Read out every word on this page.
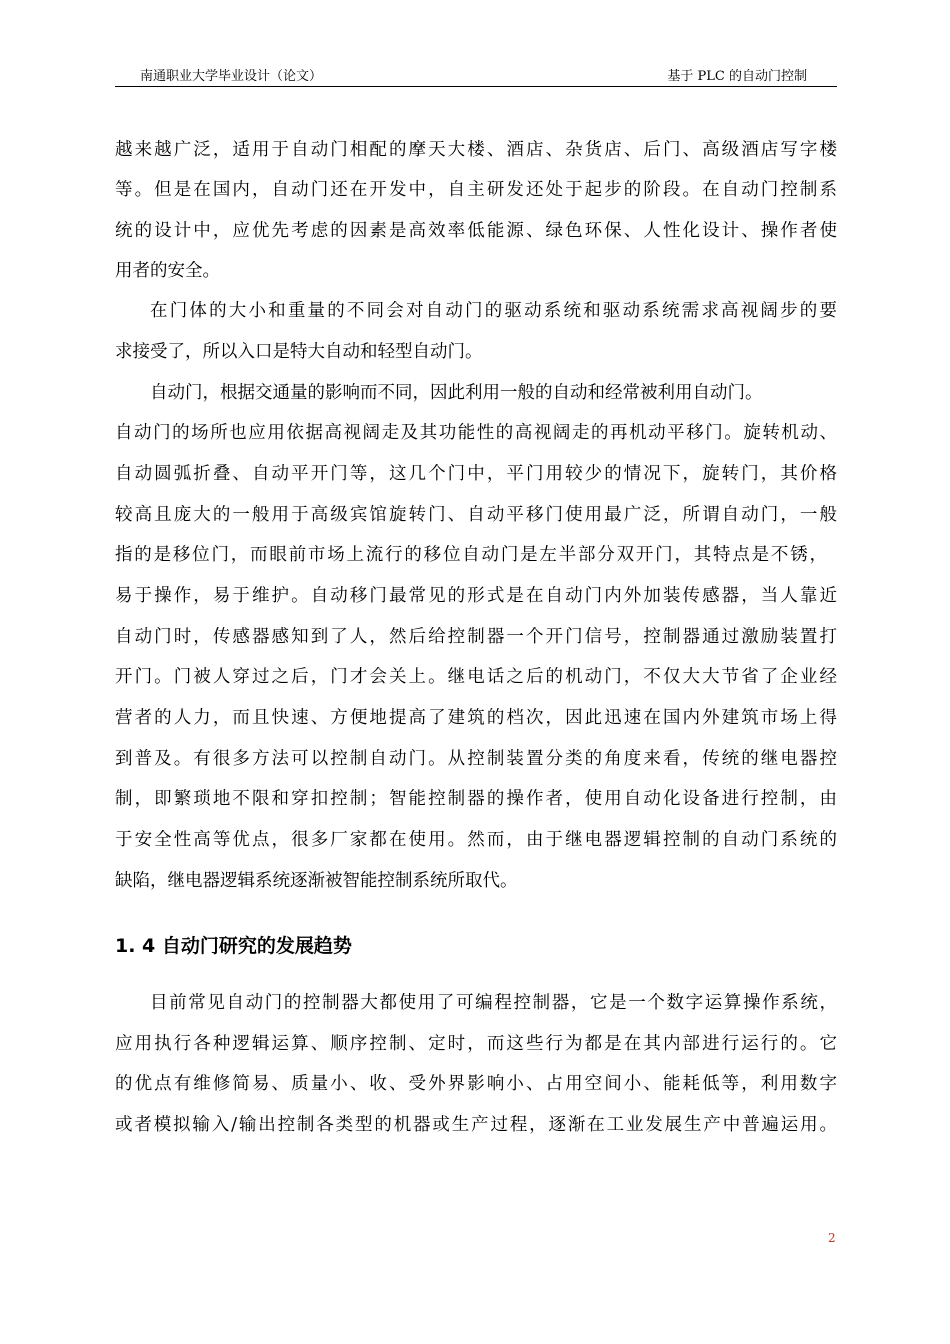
南通职业大学毕业设计（论文）	基于 PLC 的自动门控制
越来越广泛，适用于自动门相配的摩天大楼、酒店、杂货店、后门、高级酒店写字楼
等。但是在国内，自动门还在开发中，自主研发还处于起步的阶段。在自动门控制系
统的设计中，应优先考虑的因素是高效率低能源、绿色环保、人性化设计、操作者使
用者的安全。
在门体的大小和重量的不同会对自动门的驱动系统和驱动系统需求高视阔步的要
求接受了，所以入口是特大自动和轻型自动门。
自动门，根据交通量的影响而不同，因此利用一般的自动和经常被利用自动门。
自动门的场所也应用依据高视阔走及其功能性的高视阔走的再机动平移门。旋转机动、
自动圆弧折叠、自动平开门等，这几个门中，平门用较少的情况下，旋转门，其价格
较高且庞大的一般用于高级宾馆旋转门、自动平移门使用最广泛，所谓自动门，一般
指的是移位门，而眼前市场上流行的移位自动门是左半部分双开门，其特点是不锈，
易于操作，易于维护。自动移门最常见的形式是在自动门内外加装传感器，当人靠近
自动门时，传感器感知到了人，然后给控制器一个开门信号，控制器通过激励装置打
开门。门被人穿过之后，门才会关上。继电话之后的机动门，不仅大大节省了企业经
营者的人力，而且快速、方便地提高了建筑的档次，因此迅速在国内外建筑市场上得
到普及。有很多方法可以控制自动门。从控制装置分类的角度来看，传统的继电器控
制，即繁琐地不限和穿扣控制；智能控制器的操作者，使用自动化设备进行控制，由
于安全性高等优点，很多厂家都在使用。然而，由于继电器逻辑控制的自动门系统的
缺陷，继电器逻辑系统逐渐被智能控制系统所取代。
1. 4 自动门研究的发展趋势
目前常见自动门的控制器大都使用了可编程控制器，它是一个数字运算操作系统，
应用执行各种逻辑运算、顺序控制、定时，而这些行为都是在其内部进行运行的。它
的优点有维修简易、质量小、收、受外界影响小、占用空间小、能耗低等，利用数字
或者模拟输入/输出控制各类型的机器或生产过程，逐渐在工业发展生产中普遍运用。
2
